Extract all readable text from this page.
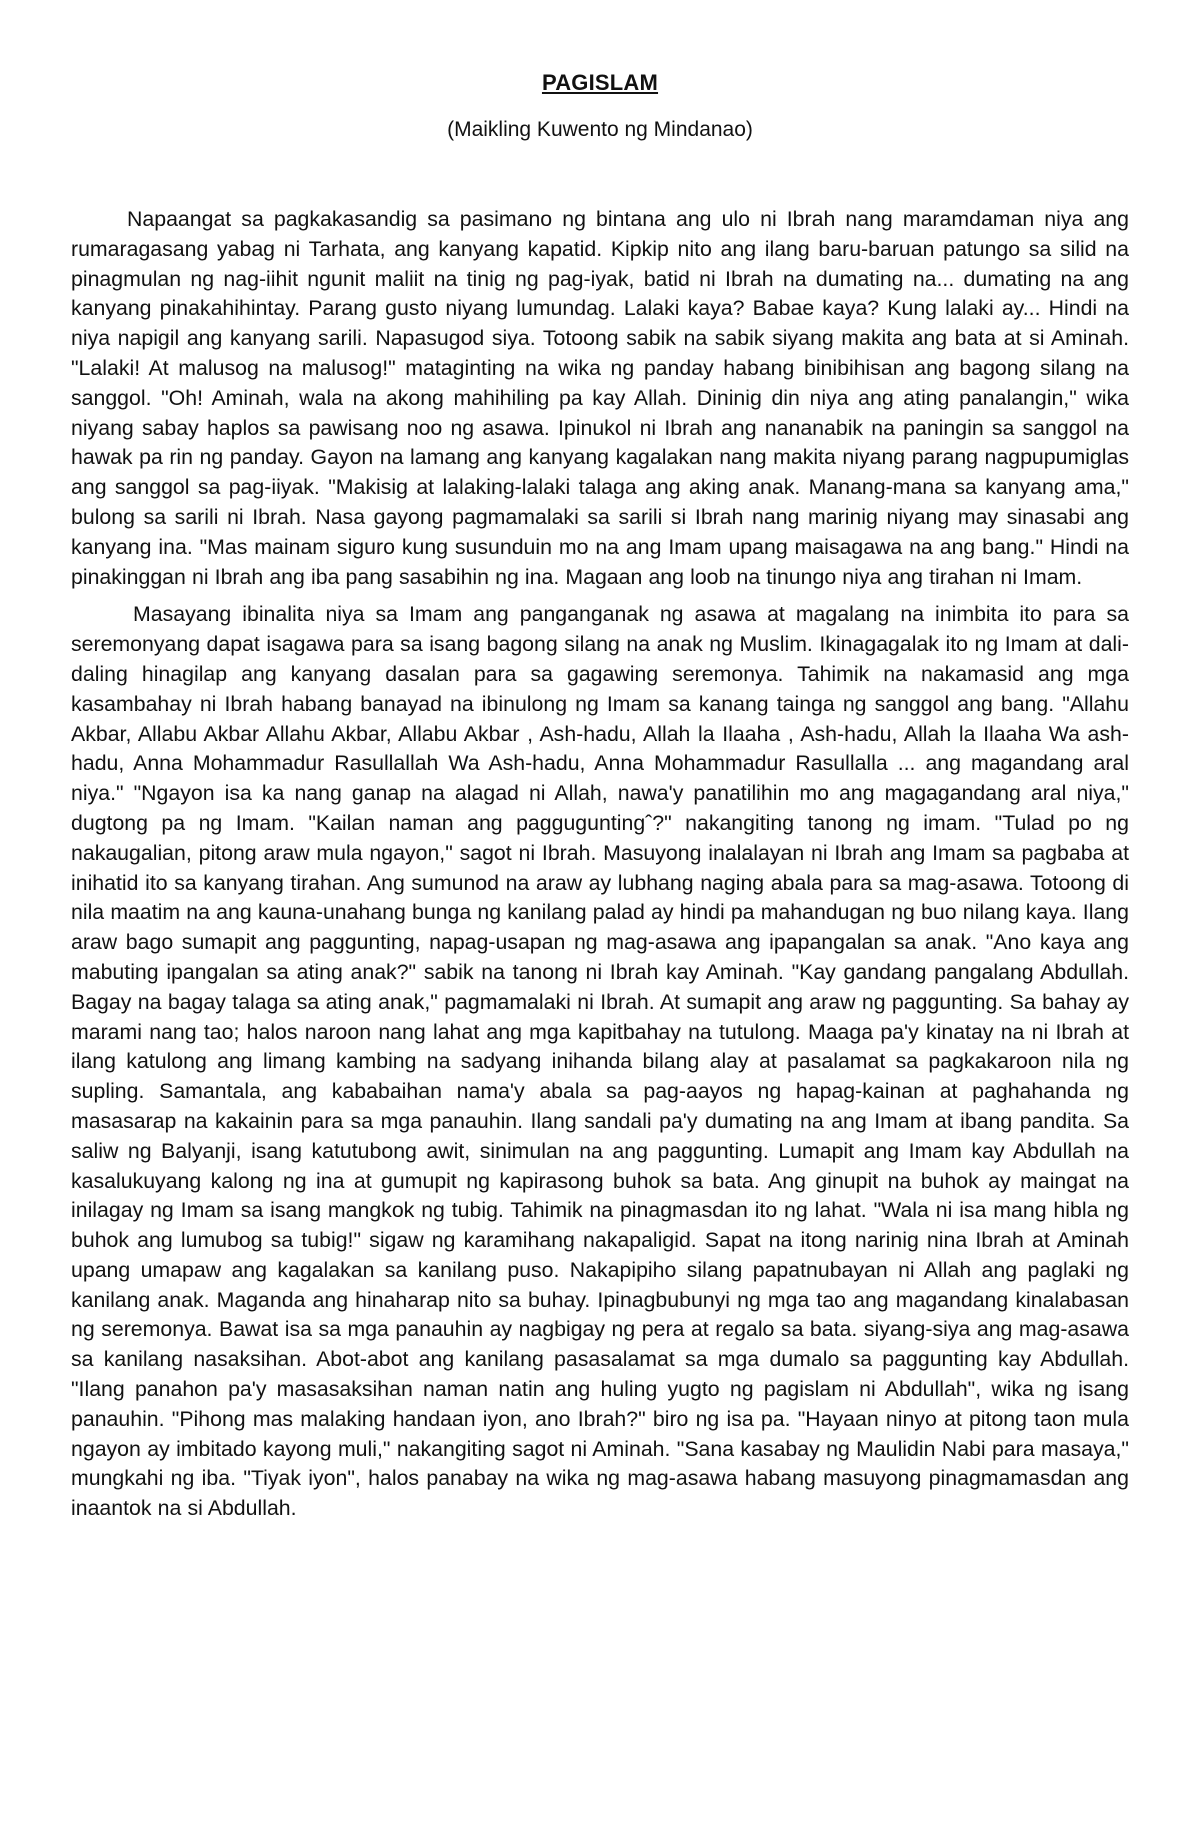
PAGISLAM
(Maikling Kuwento ng Mindanao)

Napaangat sa pagkakasandig sa pasimano ng bintana ang ulo ni Ibrah nang maramdaman niya ang rumaragasang yabag ni Tarhata, ang kanyang kapatid. Kipkip nito ang ilang baru-baruan patungo sa silid na pinagmulan ng nag-iihit ngunit maliit na tinig ng pag-iyak, batid ni Ibrah na dumating na... dumating na ang kanyang pinakahihintay. Parang gusto niyang lumundag. Lalaki kaya? Babae kaya? Kung lalaki ay... Hindi na niya napigil ang kanyang sarili. Napasugod siya. Totoong sabik na sabik siyang makita ang bata at si Aminah. "Lalaki! At malusog na malusog!" mataginting na wika ng panday habang binibihisan ang bagong silang na sanggol. "Oh! Aminah, wala na akong mahihiling pa kay Allah. Dininig din niya ang ating panalangin," wika niyang sabay haplos sa pawisang noo ng asawa. Ipinukol ni Ibrah ang nananabik na paningin sa sanggol na hawak pa rin ng panday. Gayon na lamang ang kanyang kagalakan nang makita niyang parang nagpupumiglas ang sanggol sa pag-iiyak. "Makisig at lalaking-lalaki talaga ang aking anak. Manang-mana sa kanyang ama," bulong sa sarili ni Ibrah. Nasa gayong pagmamalaki sa sarili si Ibrah nang marinig niyang may sinasabi ang kanyang ina. "Mas mainam siguro kung susunduin mo na ang Imam upang maisagawa na ang bang." Hindi na pinakinggan ni Ibrah ang iba pang sasabihin ng ina. Magaan ang loob na tinungo niya ang tirahan ni Imam.

Masayang ibinalita niya sa Imam ang panganganak ng asawa at magalang na inimbita ito para sa seremonyang dapat isagawa para sa isang bagong silang na anak ng Muslim. Ikinagagalak ito ng Imam at dali-daling hinagilap ang kanyang dasalan para sa gagawing seremonya. Tahimik na nakamasid ang mga kasambahay ni Ibrah habang banayad na ibinulong ng Imam sa kanang tainga ng sanggol ang bang. "Allahu Akbar, Allabu Akbar Allahu Akbar, Allabu Akbar , Ash-hadu, Allah la Ilaaha , Ash-hadu, Allah la Ilaaha Wa ash-hadu, Anna Mohammadur Rasullallah Wa Ash-hadu, Anna Mohammadur Rasullalla ... ang magandang aral niya." "Ngayon isa ka nang ganap na alagad ni Allah, nawa'y panatilihin mo ang magagandang aral niya," dugtong pa ng Imam. "Kailan naman ang pagguguntingˆ?" nakangiting tanong ng imam. "Tulad po ng nakaugalian, pitong araw mula ngayon," sagot ni Ibrah. Masuyong inalalayan ni Ibrah ang Imam sa pagbaba at inihatid ito sa kanyang tirahan. Ang sumunod na araw ay lubhang naging abala para sa mag-asawa. Totoong di nila maatim na ang kauna-unahang bunga ng kanilang palad ay hindi pa mahandugan ng buo nilang kaya. Ilang araw bago sumapit ang paggunting, napag-usapan ng mag-asawa ang ipapangalan sa anak. "Ano kaya ang mabuting ipangalan sa ating anak?" sabik na tanong ni Ibrah kay Aminah. "Kay gandang pangalang Abdullah. Bagay na bagay talaga sa ating anak," pagmamalaki ni Ibrah. At sumapit ang araw ng paggunting. Sa bahay ay marami nang tao; halos naroon nang lahat ang mga kapitbahay na tutulong. Maaga pa'y kinatay na ni Ibrah at ilang katulong ang limang kambing na sadyang inihanda bilang alay at pasalamat sa pagkakaroon nila ng supling. Samantala, ang kababaihan nama'y abala sa pag-aayos ng hapag-kainan at paghahanda ng masasarap na kakainin para sa mga panauhin. Ilang sandali pa'y dumating na ang Imam at ibang pandita. Sa saliw ng Balyanji, isang katutubong awit, sinimulan na ang paggunting. Lumapit ang Imam kay Abdullah na kasalukuyang kalong ng ina at gumupit ng kapirasong buhok sa bata. Ang ginupit na buhok ay maingat na inilagay ng Imam sa isang mangkok ng tubig. Tahimik na pinagmasdan ito ng lahat. "Wala ni isa mang hibla ng buhok ang lumubog sa tubig!" sigaw ng karamihang nakapaligid. Sapat na itong narinig nina Ibrah at Aminah upang umapaw ang kagalakan sa kanilang puso. Nakapipiho silang papatnubayan ni Allah ang paglaki ng kanilang anak. Maganda ang hinaharap nito sa buhay. Ipinagbubunyi ng mga tao ang magandang kinalabasan ng seremonya. Bawat isa sa mga panauhin ay nagbigay ng pera at regalo sa bata. siyang-siya ang mag-asawa sa kanilang nasaksihan. Abot-abot ang kanilang pasasalamat sa mga dumalo sa paggunting kay Abdullah. "Ilang panahon pa'y masasaksihan naman natin ang huling yugto ng pagislam ni Abdullah", wika ng isang panauhin. "Pihong mas malaking handaan iyon, ano Ibrah?" biro ng isa pa. "Hayaan ninyo at pitong taon mula ngayon ay imbitado kayong muli," nakangiting sagot ni Aminah. "Sana kasabay ng Maulidin Nabi para masaya," mungkahi ng iba. "Tiyak iyon", halos panabay na wika ng mag-asawa habang masuyong pinagmamasdan ang inaantok na si Abdullah.
